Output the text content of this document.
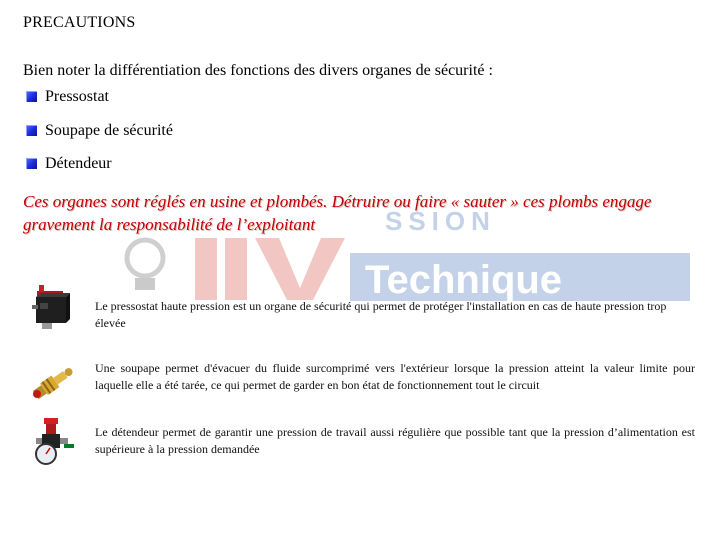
PRECAUTIONS
Bien noter la différentiation des fonctions des divers organes de sécurité :
Pressostat
Soupape de sécurité
Détendeur
SSION
Technique
Ces organes sont réglés en usine et plombés. Détruire ou faire « sauter » ces plombs engage gravement la responsabilité de l’exploitant
Le pressostat haute pression est un organe de sécurité qui permet de protéger l'installation en cas de haute pression trop élevée
Une soupape permet d'évacuer du fluide surcomprimé vers l'extérieur lorsque la pression atteint la valeur limite pour laquelle elle a été tarée, ce qui permet de garder en bon état de fonctionnement tout le circuit
Le détendeur permet de garantir une pression de travail aussi régulière que possible tant que la pression d’alimentation est supérieure à la pression demandée
